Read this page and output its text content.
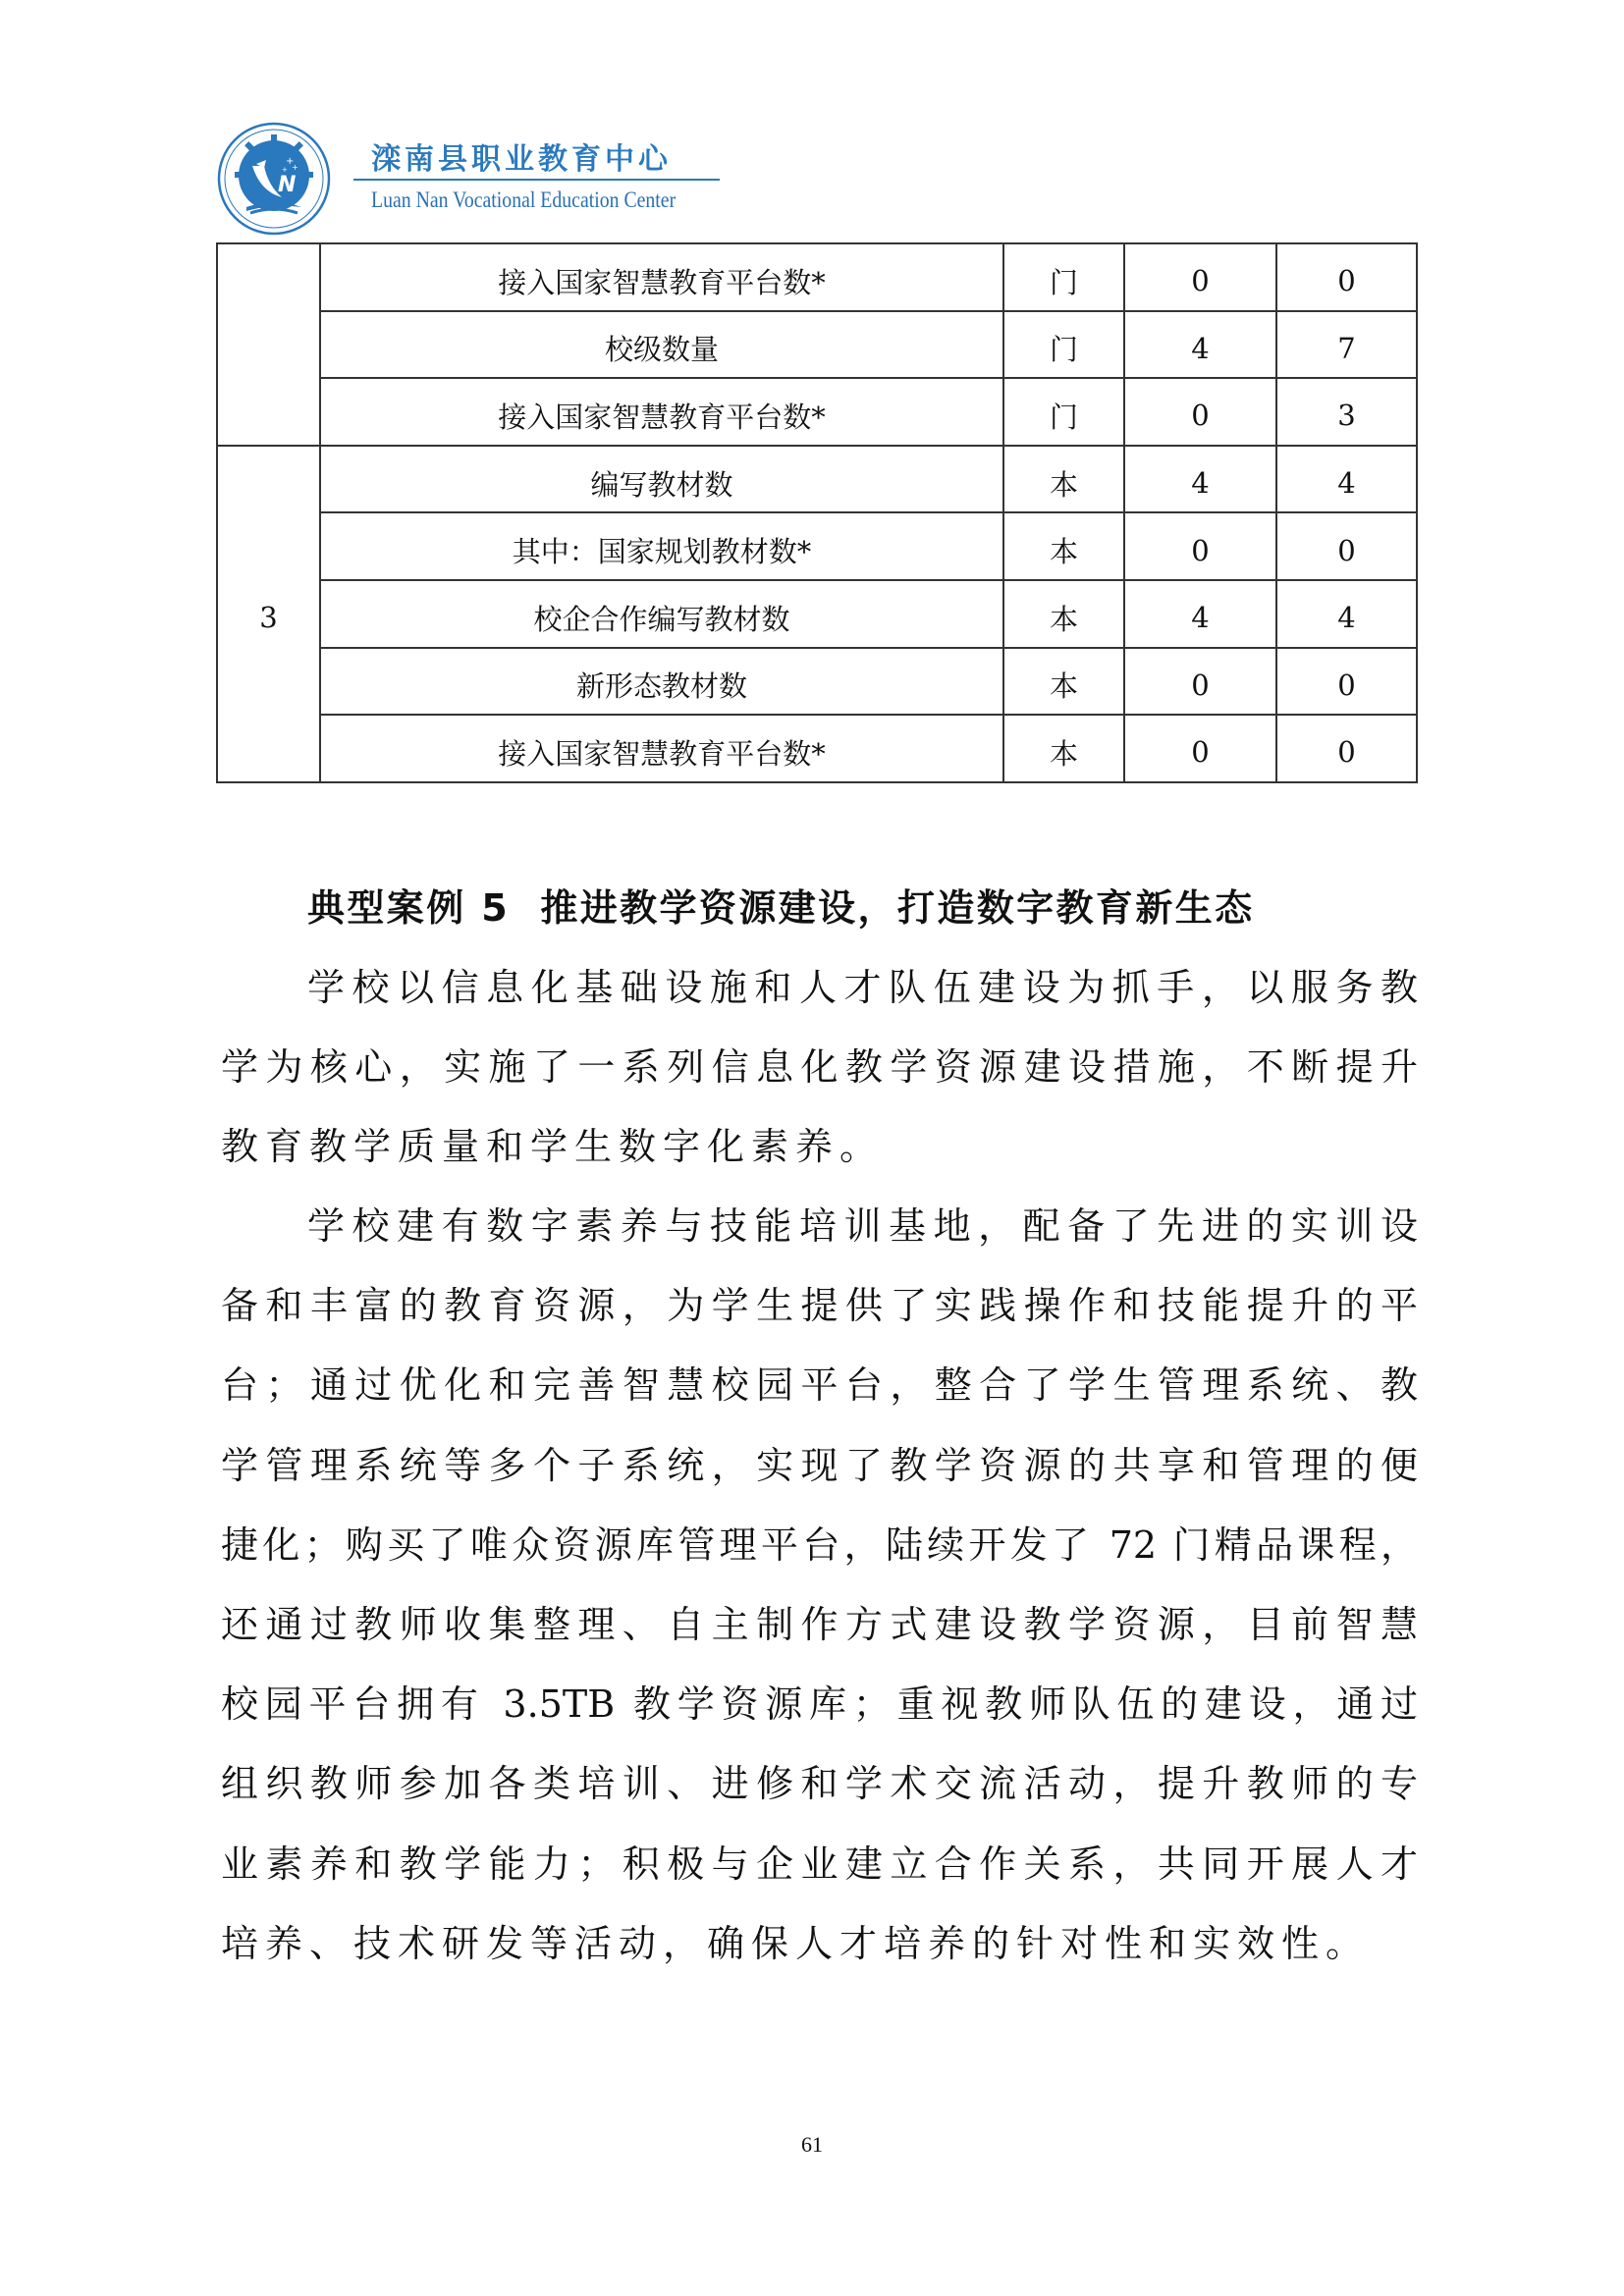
N
+
+
+	滦南县职业教育中心
Luan Nan Vocational Education Center
	接入国家智慧教育平台数*	门	0	0
	校级数量	门	4	7
	接入国家智慧教育平台数*	门	0	3
3	编写教材数	本	4	4
	其中：国家规划教材数*	本	0	0
	校企合作编写教材数	本	4	4
	新形态教材数	本	0	0
	接入国家智慧教育平台数*	本	0	0
典型案例 5  推进教学资源建设，打造数字教育新生态
学校以信息化基础设施和人才队伍建设为抓手，以服务教
学为核心，实施了一系列信息化教学资源建设措施，不断提升
教育教学质量和学生数字化素养。
学校建有数字素养与技能培训基地，配备了先进的实训设
备和丰富的教育资源，为学生提供了实践操作和技能提升的平
台；通过优化和完善智慧校园平台，整合了学生管理系统、教
学管理系统等多个子系统，实现了教学资源的共享和管理的便
捷化；购买了唯众资源库管理平台，陆续开发了 72 门精品课程，
还通过教师收集整理、自主制作方式建设教学资源，目前智慧
校园平台拥有 3.5TB 教学资源库；重视教师队伍的建设，通过
组织教师参加各类培训、进修和学术交流活动，提升教师的专
业素养和教学能力；积极与企业建立合作关系，共同开展人才
培养、技术研发等活动，确保人才培养的针对性和实效性。
61
